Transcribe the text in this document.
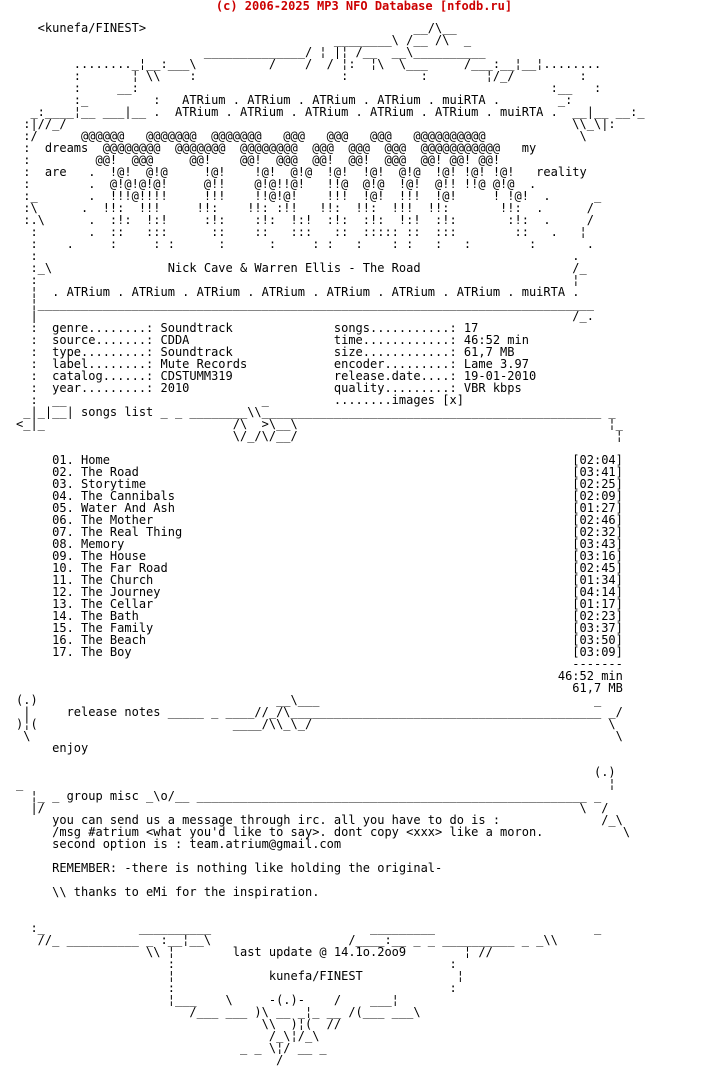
(c) 2006-2025 MP3 NFO Database [nfodb.ru]
<kunefa/FINEST>                                     __/\__
________\ /__ /\  _
______________/ ¦ |¦ /__  __\__________
........_¦__:___\          /    /  / ¦:  ¦\  \___     /___:__¦__¦........
:       ¦ \\    :                    :          :        ¦/_/         :
:     __:                                                         :__   :
:_         :   ATRium . ATRium . ATRium . ATRium . muiRTA .        _:
_:____¦__ ___|__ .  ATRium . ATRium . ATRium . ATRium . ATRium . muiRTA .  __|__ __:_
:|//_/                                                                      \\_\|:
:/      @@@@@@   @@@@@@@  @@@@@@@   @@@   @@@   @@@   @@@@@@@@@@             \
:  dreams  @@@@@@@@  @@@@@@@  @@@@@@@@  @@@  @@@  @@@  @@@@@@@@@@@   my
:         @@!  @@@     @@!    @@!  @@@  @@!  @@!  @@@  @@! @@! @@!
:  are   .  !@!  @!@     !@!    !@!  @!@  !@!  !@!  @!@  !@! !@! !@!   reality
:        .  @!@!@!@!     @!!    @!@!!@!   !!@  @!@  !@!  @!! !!@ @!@  .
:_       .  !!!@!!!!     !!!    !!@!@!    !!!  !@!  !!!  !@!     ! !@!  .      _
:\      .  !!:  !!!     !!:    !!: :!!   !!:  !!:  !!!  !!:       !!:  .      /
:.\      .  :!:  !:!     :!:    :!:  !:!  :!:  :!:  !:!  :!:       :!:  .     /
:       .  ::   :::      ::    ::   :::   ::  ::::: ::  :::        ::   .   ¦
:    .     :     : :      :      :     : :   :    : :   :   :        :       .
:                                                                          .
:_\                Nick Cave & Warren Ellis - The Road                     /_
:                                                                          ¦
¦  . ATRium . ATRium . ATRium . ATRium . ATRium . ATRium . ATRium . muiRTA .
¦_____________________________________________________________________________
|                                                                          /_.
:  genre........: Soundtrack              songs...........: 17
:  source.......: CDDA                    time............: 46:52 min
:  type.........: Soundtrack              size............: 61,7 MB
:  label........: Mute Records            encoder.........: Lame 3.97
:  catalog......: CDSTUMM319              release.date....: 19-01-2010
:  year.........: 2010                    quality.........: VBR kbps
:  __                           _         ........images [x]
_|_|__| songs list _ _ ________\\_______________________________________________ _
<_|_                          /\  >\__\                                           ¦_
\/_/\/__/                                            ¦
01. Home                                                                [02:04]
02. The Road                                                            [03:41]
03. Storytime                                                           [02:25]
04. The Cannibals                                                       [02:09]
05. Water And Ash                                                       [01:27]
06. The Mother                                                          [02:46]
07. The Real Thing                                                      [02:32]
08. Memory                                                              [03:43]
09. The House                                                           [03:16]
10. The Far Road                                                        [02:45]
11. The Church                                                          [01:34]
12. The Journey                                                         [04:14]
13. The Cellar                                                          [01:17]
14. The Bath                                                            [02:23]
15. The Family                                                          [03:37]
16. The Beach                                                           [03:50]
17. The Boy                                                             [03:09]
-------
46:52 min
61,7 MB
(.)                                 __\___                                      _
|     release notes _____ _ ____//_/\___________________________________________ _/
)¦(                           ____/\\_\_/                                         \
\                                                                                 \
enjoy
(.)
_                                                                                 ¦
¦_ _ group misc _\o/__ ______________________________________________________ _
|/                                                                          \  /
you can send us a message through irc. all you have to do is :              /_\
/msg #atrium <what you'd like to say>. dont copy <xxx> like a moron.           \
second option is : team.atrium@gmail.com
REMEMBER: -there is nothing like holding the original-
\\ thanks to eMi for the inspiration.
:_             __________                      _________                      _
//_ __________ _ :__¦__\                   /____:__ _ _ __________ _ _\\
\\ ¦        last update @ 14.1o.2oo9        ¦ //
:                                      :
¦             kunefa/FINEST             ¦
:                                      :
¦___    \     -(.)-    /    ___¦
/___ ___ )\ __ _¦_ __ /(___ ___\
\\  )¦(  //
/_\¦/_\
_ _ \¦/ __ _
/
